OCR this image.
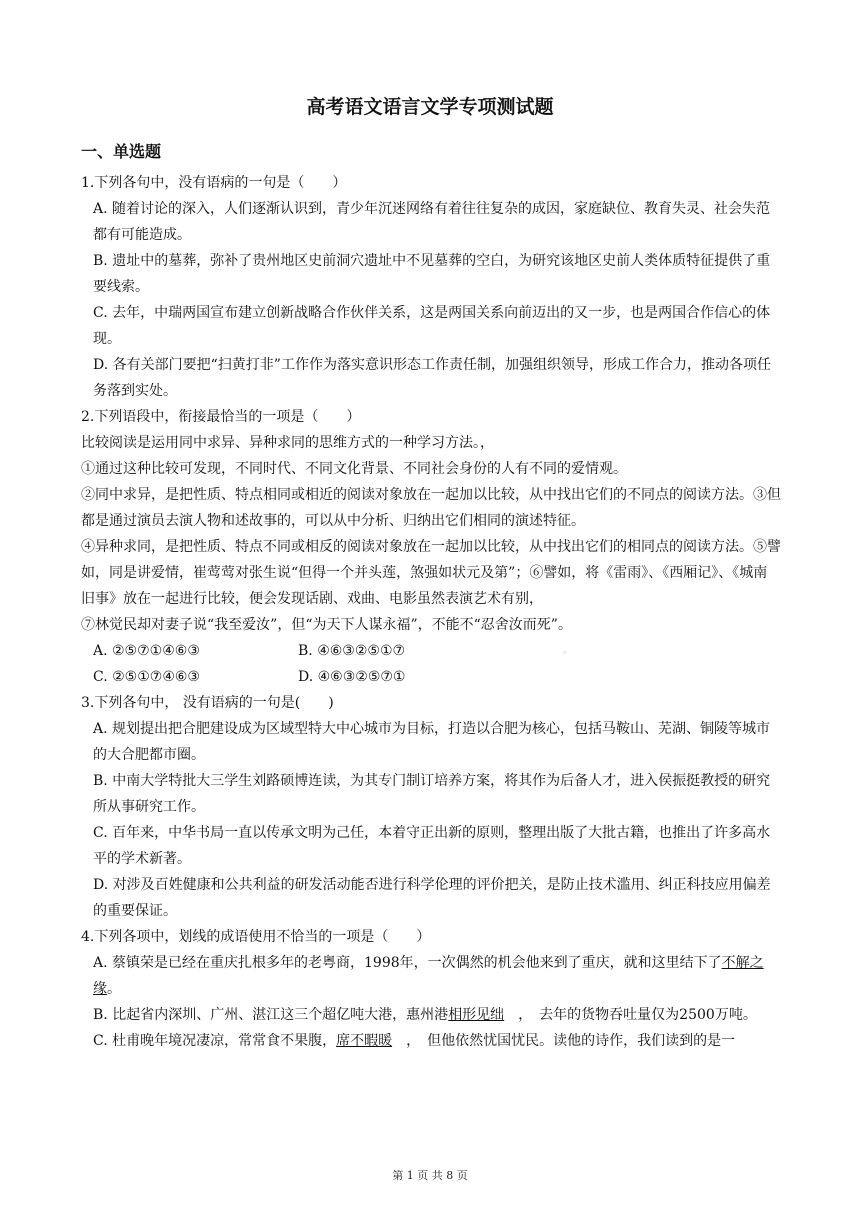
高考语文语言文学专项测试题
一、单选题

1.下列各句中，没有语病的一句是（　　）

A. 随着讨论的深入，人们逐渐认识到，青少年沉迷网络有着往往复杂的成因，家庭缺位、教育失灵、社会失范都有可能造成。

B. 遗址中的墓葬，弥补了贵州地区史前洞穴遗址中不见墓葬的空白，为研究该地区史前人类体质特征提供了重要线索。

C. 去年，中瑞两国宣布建立创新战略合作伙伴关系，这是两国关系向前迈出的又一步，也是两国合作信心的体现。

D. 各有关部门要把“扫黄打非”工作作为落实意识形态工作责任制，加强组织领导，形成工作合力，推动各项任务落到实处。

2.下列语段中，衔接最恰当的一项是（　　）

比较阅读是运用同中求异、异种求同的思维方式的一种学习方法。，

①通过这种比较可发现，不同时代、不同文化背景、不同社会身份的人有不同的爱情观。

②同中求异，是把性质、特点相同或相近的阅读对象放在一起加以比较，从中找出它们的不同点的阅读方法。③但都是通过演员去演人物和述故事的，可以从中分析、归纳出它们相同的演述特征。

④异种求同，是把性质、特点不同或相反的阅读对象放在一起加以比较，从中找出它们的相同点的阅读方法。⑤譬如，同是讲爱情，崔莺莺对张生说“但得一个并头莲，煞强如状元及第”；⑥譬如，将《雷雨》、《西厢记》、《城南旧事》放在一起进行比较，便会发现话剧、戏曲、电影虽然表演艺术有别，

⑦林觉民却对妻子说“我至爱汝”，但“为天下人谋永福”，不能不“忍舍汝而死”。

A. ②⑤⑦①④⑥③	B. ④⑥③②⑤①⑦	。
C. ②⑤①⑦④⑥③	D. ④⑥③②⑤⑦①

3.下列各句中， 没有语病的一句是(　　)

A. 规划提出把合肥建设成为区域型特大中心城市为目标，打造以合肥为核心，包括马鞍山、芜湖、铜陵等城市的大合肥都市圈。

B. 中南大学特批大三学生刘路硕博连读，为其专门制订培养方案，将其作为后备人才，进入侯振挺教授的研究所从事研究工作。

C. 百年来，中华书局一直以传承文明为己任，本着守正出新的原则，整理出版了大批古籍，也推出了许多高水平的学术新著。

D. 对涉及百姓健康和公共利益的研发活动能否进行科学伦理的评价把关，是防止技术滥用、纠正科技应用偏差的重要保证。

4.下列各项中，划线的成语使用不恰当的一项是（　　）

A. 蔡镇荣是已经在重庆扎根多年的老粤商，1998年，一次偶然的机会他来到了重庆，就和这里结下了不解之缘。

B. 比起省内深圳、广州、湛江这三个超亿吨大港，惠州港相形见绌　，　去年的货物吞吐量仅为2500万吨。

C. 杜甫晚年境况凄凉，常常食不果腹，席不暇暖　，　但他依然忧国忧民。读他的诗作，我们读到的是一

第 1 页 共 8 页
